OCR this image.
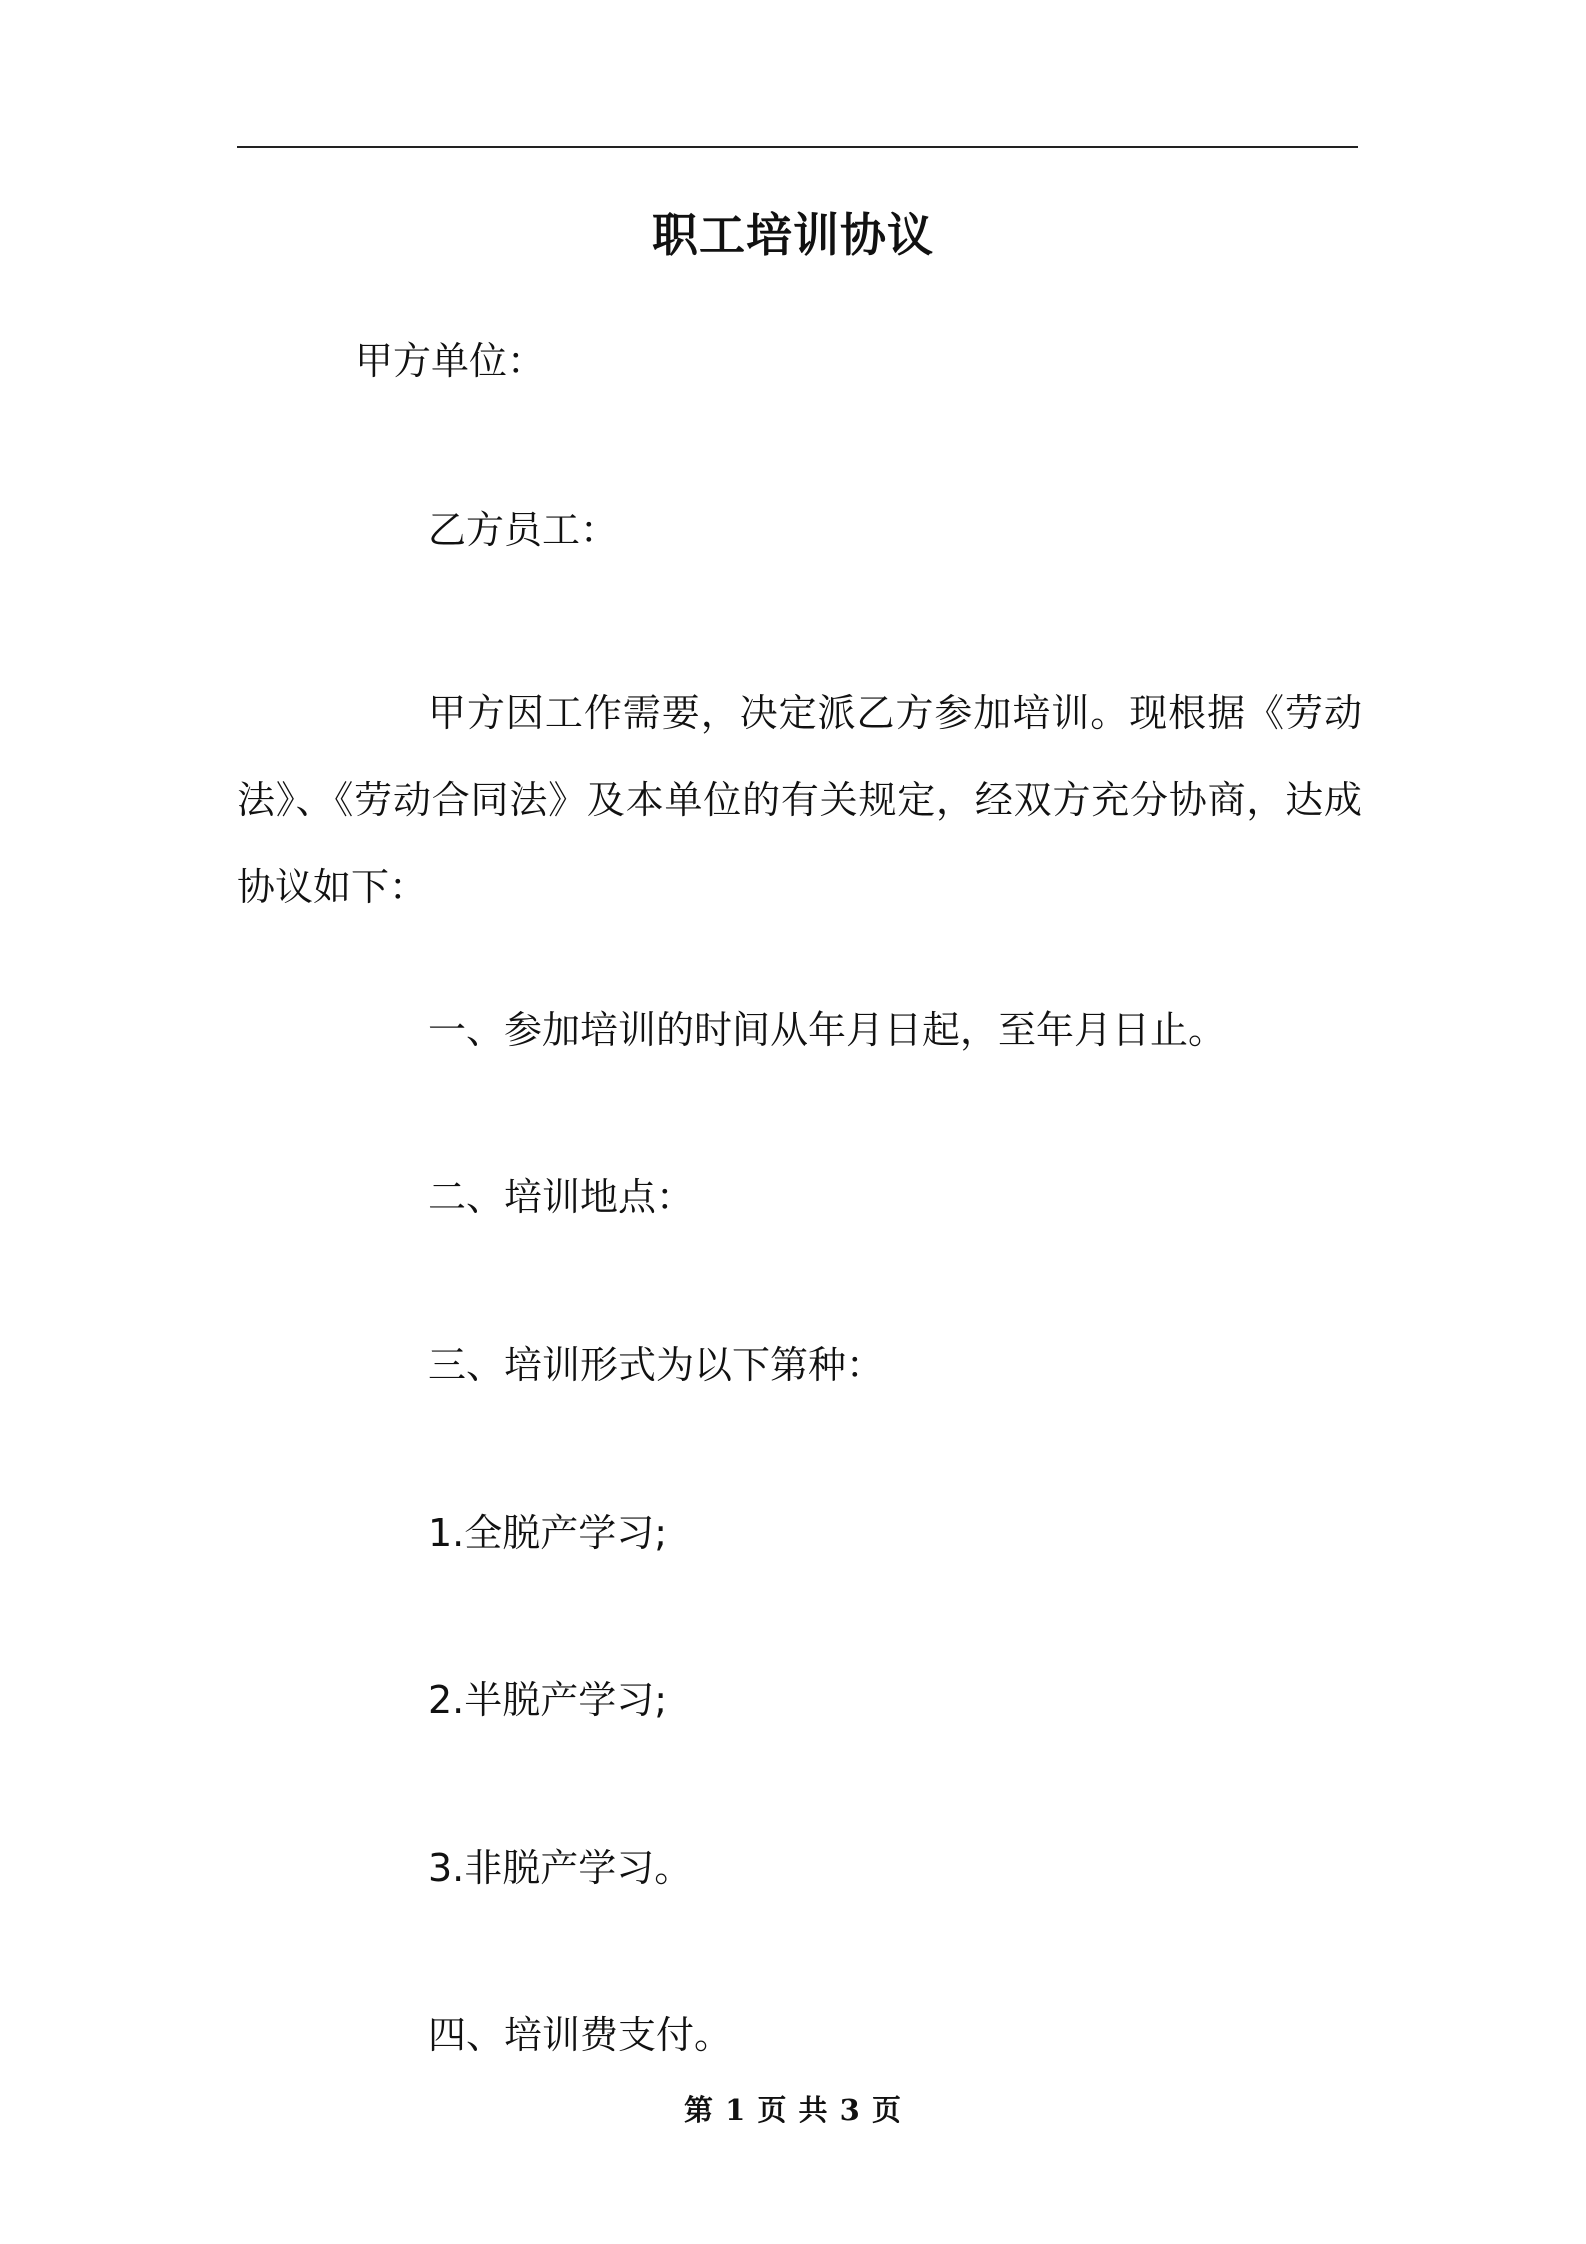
职工培训协议
甲方单位：
乙方员工：
甲方因工作需要，决定派乙方参加培训。现根据《劳动法》、《劳动合同法》及本单位的有关规定，经双方充分协商，达成协议如下：
一、参加培训的时间从年月日起，至年月日止。
二、培训地点：
三、培训形式为以下第种：
1.全脱产学习;
2.半脱产学习;
3.非脱产学习。
四、培训费支付。
第 1 页 共 3 页
